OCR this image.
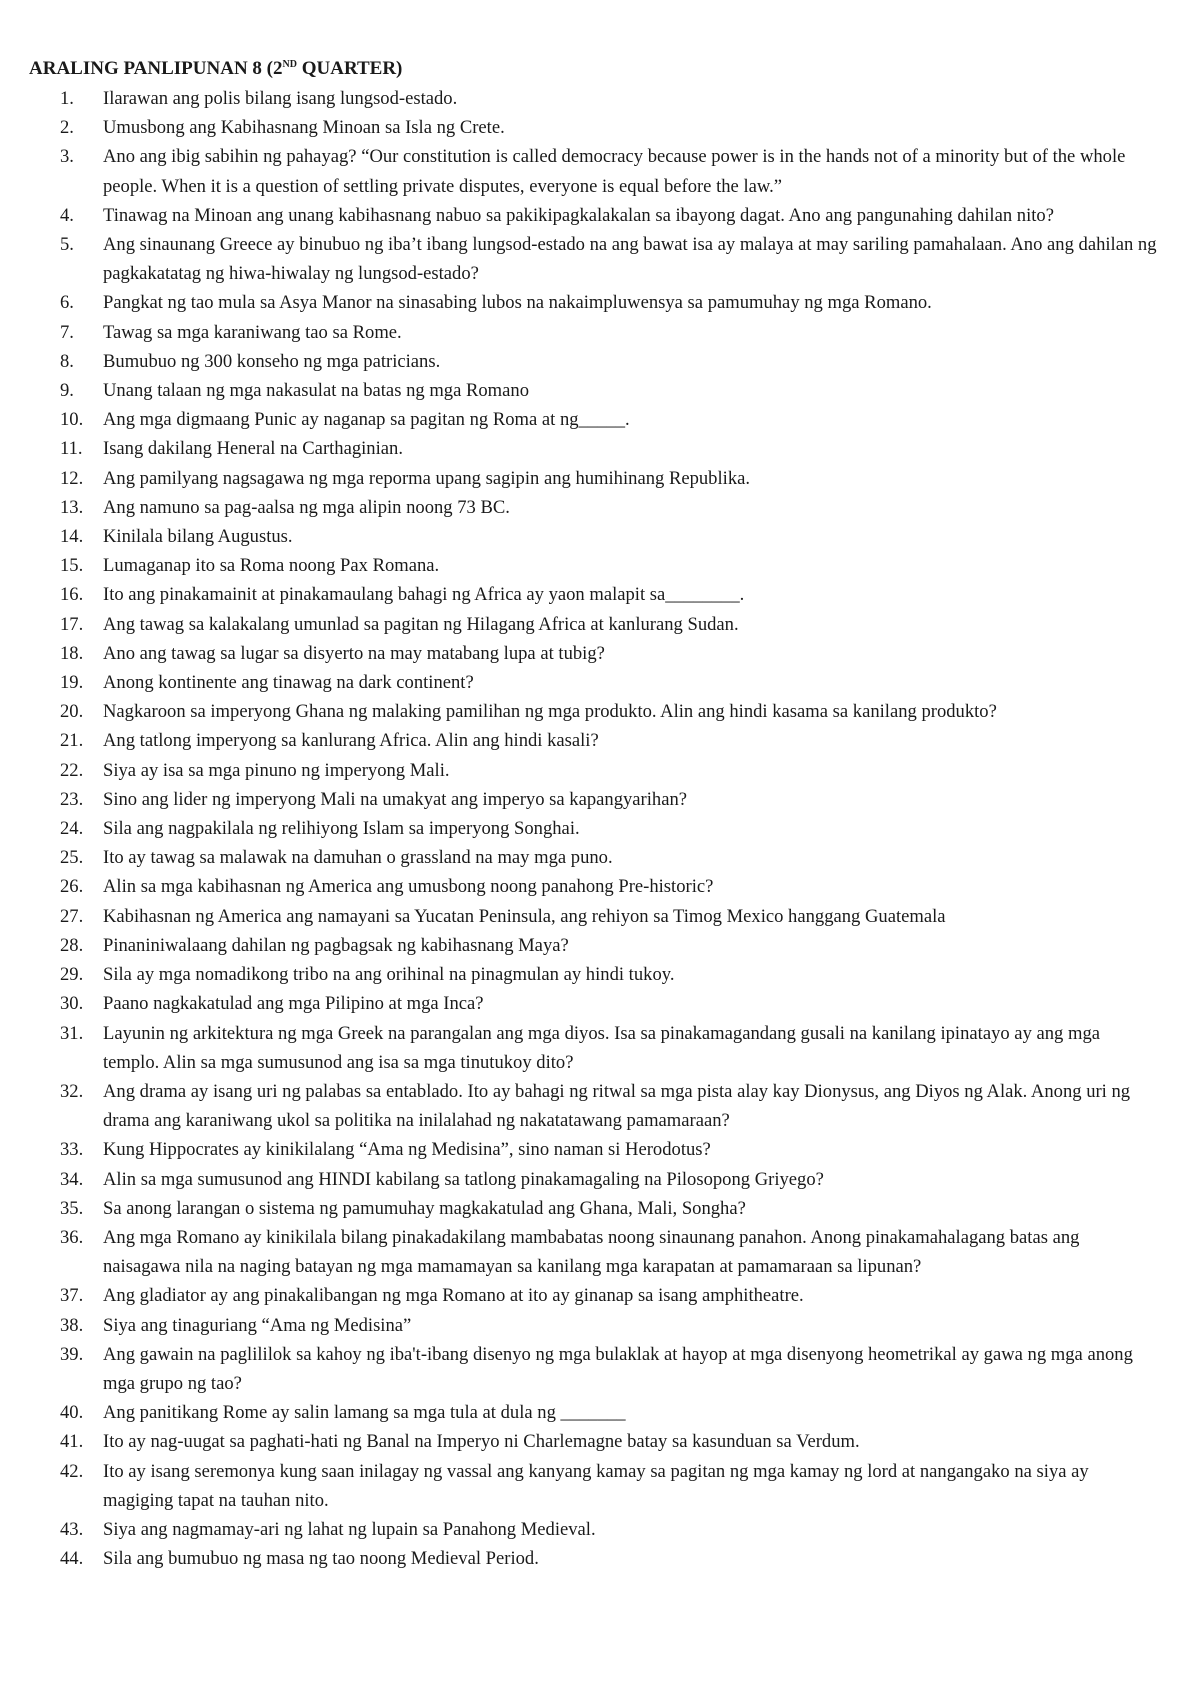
ARALING PANLIPUNAN 8 (2ND QUARTER)
1.	Ilarawan ang polis bilang isang lungsod-estado.
2.	Umusbong ang Kabihasnang Minoan sa Isla ng Crete.
3.	Ano ang ibig sabihin ng pahayag? “Our constitution is called democracy because power is in the hands not of a minority but of the whole people. When it is a question of settling private disputes, everyone is equal before the law.”
4.	Tinawag na Minoan ang unang kabihasnang nabuo sa pakikipagkalakalan sa ibayong dagat. Ano ang pangunahing dahilan nito?
5.	Ang sinaunang Greece ay binubuo ng iba’t ibang lungsod-estado na ang bawat isa ay malaya at may sariling pamahalaan. Ano ang dahilan ng pagkakatatag ng hiwa-hiwalay ng lungsod-estado?
6.	Pangkat ng tao mula sa Asya Manor na sinasabing lubos na nakaimpluwensya sa pamumuhay ng mga Romano.
7.	Tawag sa mga karaniwang tao sa Rome.
8.	Bumubuo ng 300 konseho ng mga patricians.
9.	Unang talaan ng mga nakasulat na batas ng mga Romano
10.	Ang mga digmaang Punic ay naganap sa pagitan ng Roma at ng_____.
11.	Isang dakilang Heneral na Carthaginian.
12.	Ang pamilyang nagsagawa ng mga reporma upang sagipin ang humihinang Republika.
13.	Ang namuno sa pag-aalsa ng mga alipin noong 73 BC.
14.	Kinilala bilang Augustus.
15.	Lumaganap ito sa Roma noong Pax Romana.
16.	Ito ang pinakamainit at pinakamaulang bahagi ng Africa ay yaon malapit sa________.
17.	Ang tawag sa kalakalang umunlad sa pagitan ng Hilagang Africa at kanlurang Sudan.
18.	Ano ang tawag sa lugar sa disyerto na may matabang lupa at tubig?
19.	Anong kontinente ang tinawag na dark continent?
20.	Nagkaroon sa imperyong Ghana ng malaking pamilihan ng mga produkto. Alin ang hindi kasama sa kanilang produkto?
21.	Ang tatlong imperyong sa kanlurang Africa. Alin ang hindi kasali?
22.	Siya ay isa sa mga pinuno ng imperyong Mali.
23.	Sino ang lider ng imperyong Mali na umakyat ang imperyo sa kapangyarihan?
24.	Sila ang nagpakilala ng relihiyong Islam sa imperyong Songhai.
25.	Ito ay tawag sa malawak na damuhan o grassland na may mga puno.
26.	Alin sa mga kabihasnan ng America ang umusbong noong panahong Pre-historic?
27.	Kabihasnan ng America ang namayani sa Yucatan Peninsula, ang rehiyon sa Timog Mexico hanggang Guatemala
28.	Pinaniniwalaang dahilan ng pagbagsak ng kabihasnang Maya?
29.	Sila ay mga nomadikong tribo na ang orihinal na pinagmulan ay hindi tukoy.
30.	Paano nagkakatulad ang mga Pilipino at mga Inca?
31.	Layunin ng arkitektura ng mga Greek na parangalan ang mga diyos. Isa sa pinakamagandang gusali na kanilang ipinatayo ay ang mga templo. Alin sa mga sumusunod ang isa sa mga tinutukoy dito?
32.	Ang drama ay isang uri ng palabas sa entablado. Ito ay bahagi ng ritwal sa mga pista alay kay Dionysus, ang Diyos ng Alak. Anong uri ng drama ang karaniwang ukol sa politika na inilalahad ng nakatatawang pamamaraan?
33.	Kung Hippocrates ay kinikilalang “Ama ng Medisina”, sino naman si Herodotus?
34.	Alin sa mga sumusunod ang HINDI kabilang sa tatlong pinakamagaling na Pilosopong Griyego?
35.	Sa anong larangan o sistema ng pamumuhay magkakatulad ang Ghana, Mali, Songha?
36.	Ang mga Romano ay kinikilala bilang pinakadakilang mambabatas noong sinaunang panahon. Anong pinakamahalagang batas ang naisagawa nila na naging batayan ng mga mamamayan sa kanilang mga karapatan at pamamaraan sa lipunan?
37.	Ang gladiator ay ang pinakalibangan ng mga Romano at ito ay ginanap sa isang amphitheatre.
38.	Siya ang tinaguriang “Ama ng Medisina”
39.	Ang gawain na paglililok sa kahoy ng iba't-ibang disenyo ng mga bulaklak at hayop at mga disenyong heometrikal ay gawa ng mga anong mga grupo ng tao?
40.	Ang panitikang Rome ay salin lamang sa mga tula at dula ng _______
41.	Ito ay nag-uugat sa paghati-hati ng Banal na Imperyo ni Charlemagne batay sa kasunduan sa Verdum.
42.	Ito ay isang seremonya kung saan inilagay ng vassal ang kanyang kamay sa pagitan ng mga kamay ng lord at nangangako na siya ay magiging tapat na tauhan nito.
43.	Siya ang nagmamay-ari ng lahat ng lupain sa Panahong Medieval.
44.	Sila ang bumubuo ng masa ng tao noong Medieval Period.
